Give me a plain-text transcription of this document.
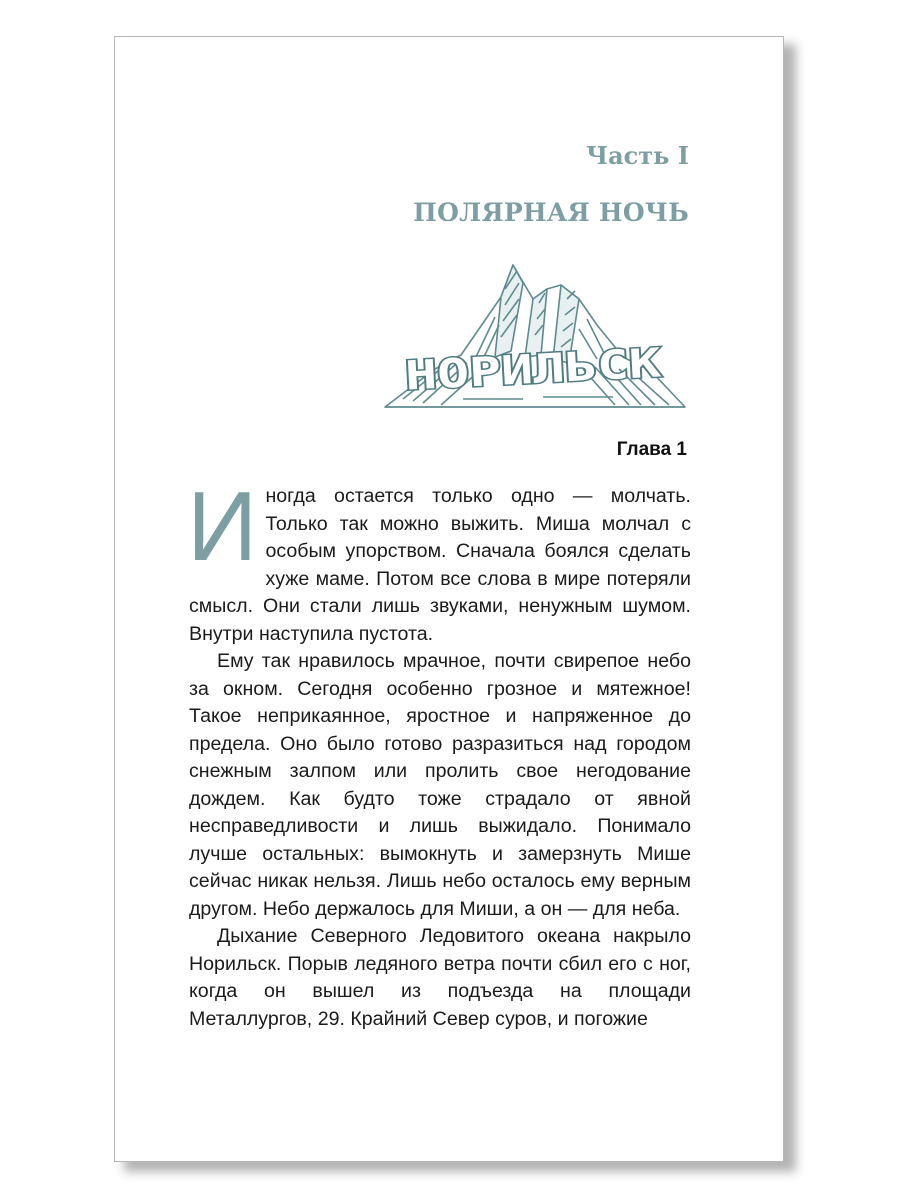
Часть I
ПОЛЯРНАЯ НОЧЬ
НОРИЛЬСК
Глава 1

Иногда остается только одно — молчать. Только так можно выжить. Миша молчал с особым упорством. Сначала боялся сделать хуже маме. Потом все слова в мире потеряли смысл. Они стали лишь звуками, ненужным шумом. Внутри наступила пустота.

Ему так нравилось мрачное, почти свирепое небо за окном. Сегодня особенно грозное и мятежное! Такое неприкаянное, яростное и напряженное до предела. Оно было готово разразиться над городом снежным залпом или пролить свое негодование дождем. Как будто тоже страдало от явной несправедливости и лишь выжидало. Понимало лучше остальных: вымокнуть и замерзнуть Мише сейчас никак нельзя. Лишь небо осталось ему верным другом. Небо держалось для Миши, а он — для неба.

Дыхание Северного Ледовитого океана накрыло Норильск. Порыв ледяного ветра почти сбил его с ног, когда он вышел из подъезда на площади Металлургов, 29. Крайний Север суров, и погожие
